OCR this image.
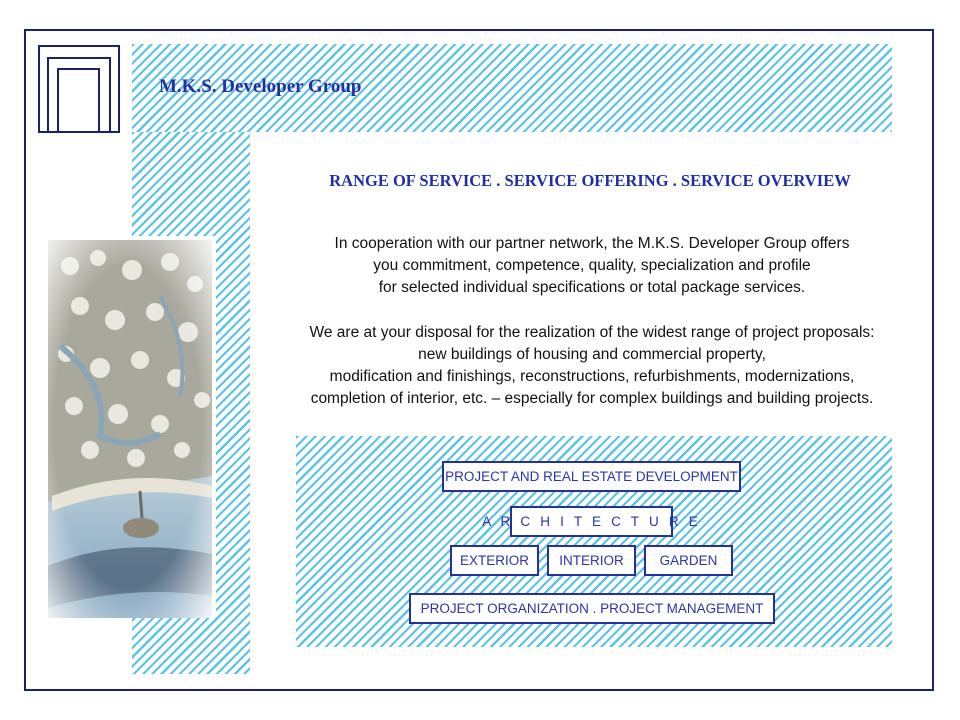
M.K.S. Developer Group
RANGE OF SERVICE . SERVICE OFFERING . SERVICE OVERVIEW
In cooperation with our partner network, the M.K.S. Developer Group offers
you commitment, competence, quality, specialization and profile
for selected individual specifications or total package services.
We are at your disposal for the realization of the widest range of project proposals:
new buildings of housing and commercial property,
modification and finishings, reconstructions, refurbishments, modernizations,
completion of interior, etc. – especially for complex buildings and building projects.
PROJECT AND REAL ESTATE DEVELOPMENT
A R C H I T E C T U R E
EXTERIOR	INTERIOR	GARDEN
PROJECT ORGANIZATION . PROJECT MANAGEMENT
